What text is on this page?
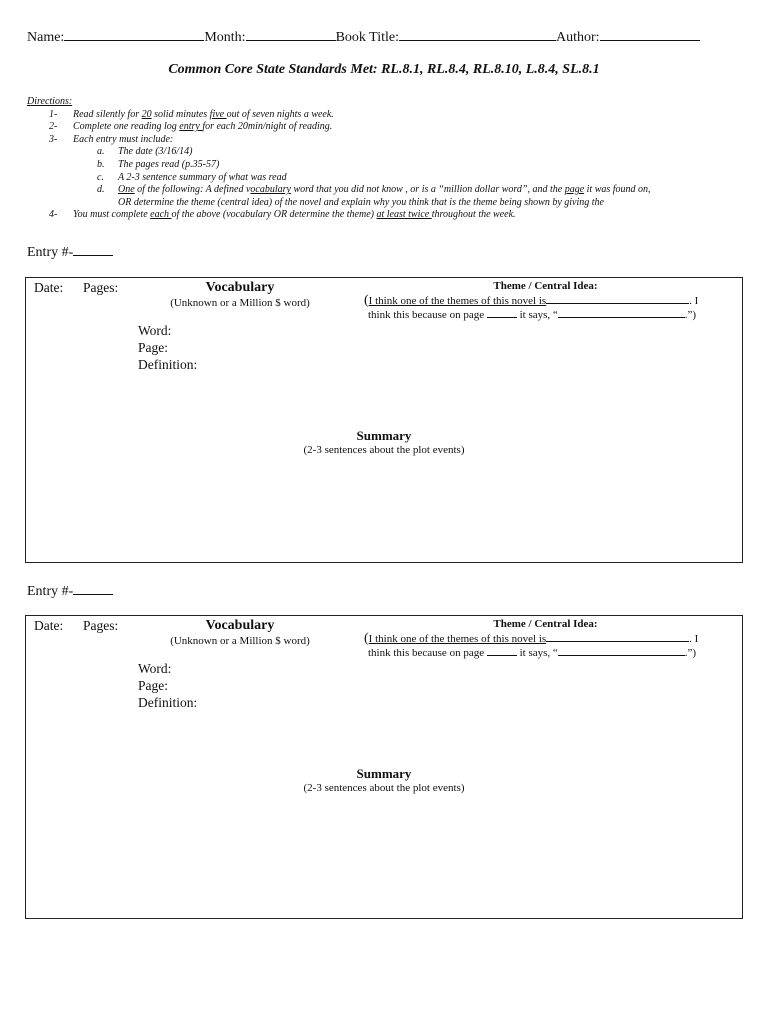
Name:	Month:	Book Title:	Author:
Common Core State Standards Met: RL.8.1, RL.8.4, RL.8.10, L.8.4, SL.8.1
Directions:
1- Read silently for 20 solid minutes five out of seven nights a week.
2- Complete one reading log entry for each 20min/night of reading.
3- Each entry must include:
a. The date (3/16/14)
b. The pages read (p.35-57)
c. A 2-3 sentence summary of what was read
d. One of the following: A defined vocabulary word that you did not know , or is a “million dollar word”, and the page it was found on,
OR determine the theme (central idea) of the novel and explain why you think that is the theme being shown by giving the
4- You must complete each of the above (vocabulary OR determine the theme) at least twice throughout the week.
Entry #-
Date: Pages:	Vocabulary
(Unknown or a Million $ word)
Word:
Page:
Definition:
Theme / Central Idea:
(I think one of the themes of this novel is	. I
think this because on page	it says, “	.”)
Summary
(2-3 sentences about the plot events)
Entry #-
Date: Pages:	Vocabulary
(Unknown or a Million $ word)
Word:
Page:
Definition:
Theme / Central Idea:
(I think one of the themes of this novel is	. I
think this because on page	it says, “	.”)
Summary
(2-3 sentences about the plot events)
